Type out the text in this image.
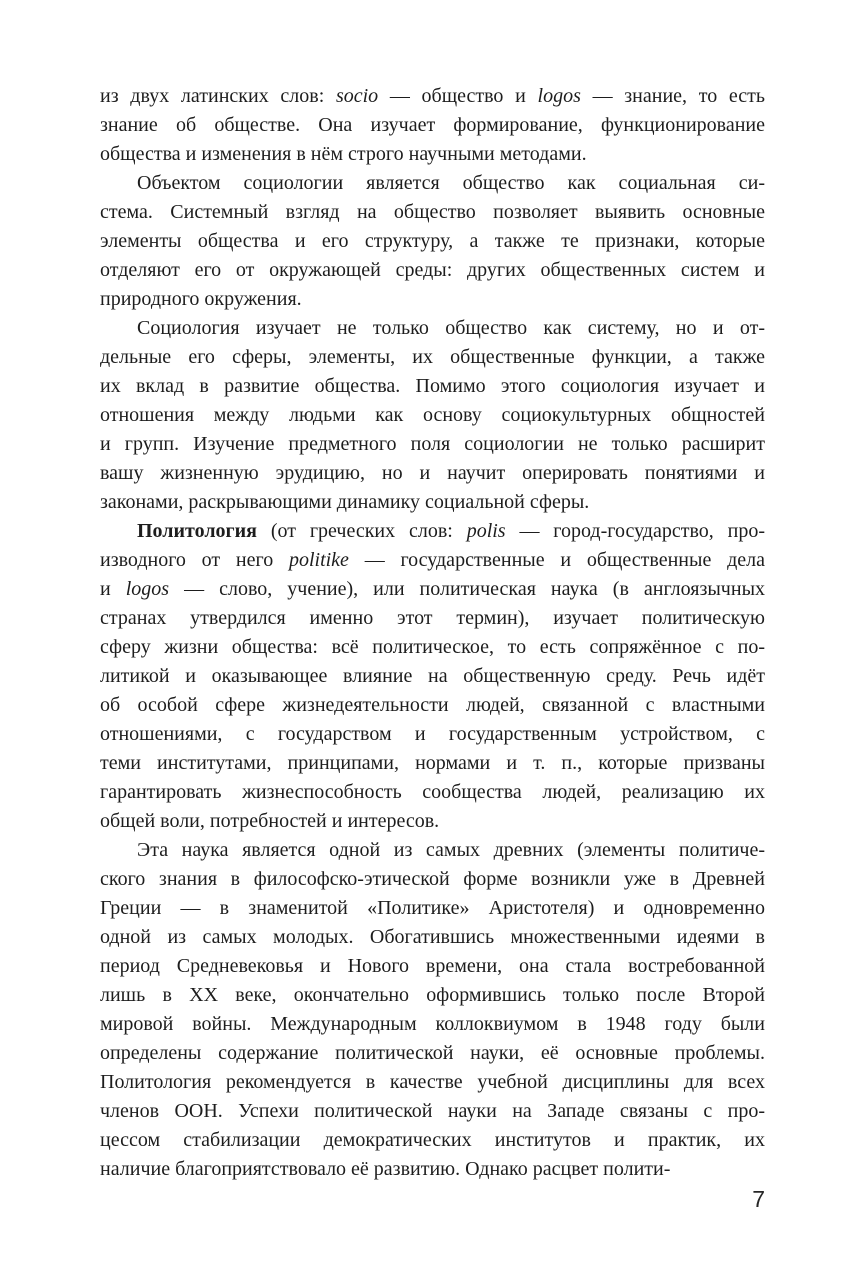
из двух латинских слов: socio — общество и logos — знание, то есть
знание об обществе. Она изучает формирование, функционирование
общества и изменения в нём строго научными методами.

Объектом социологии является общество как социальная си-
стема. Системный взгляд на общество позволяет выявить основные
элементы общества и его структуру, а также те признаки, которые
отделяют его от окружающей среды: других общественных систем и
природного окружения.

Социология изучает не только общество как систему, но и от-
дельные его сферы, элементы, их общественные функции, а также
их вклад в развитие общества. Помимо этого социология изучает и
отношения между людьми как основу социокультурных общностей
и групп. Изучение предметного поля социологии не только расширит
вашу жизненную эрудицию, но и научит оперировать понятиями и
законами, раскрывающими динамику социальной сферы.

Политология (от греческих слов: polis — город-государство, про-
изводного от него politike — государственные и общественные дела
и logos — слово, учение), или политическая наука (в англоязычных
странах утвердился именно этот термин), изучает политическую
сферу жизни общества: всё политическое, то есть сопряжённое с по-
литикой и оказывающее влияние на общественную среду. Речь идёт
об особой сфере жизнедеятельности людей, связанной с властными
отношениями, с государством и государственным устройством, с
теми институтами, принципами, нормами и т. п., которые призваны
гарантировать жизнеспособность сообщества людей, реализацию их
общей воли, потребностей и интересов.

Эта наука является одной из самых древних (элементы политиче-
ского знания в философско-этической форме возникли уже в Древней
Греции — в знаменитой «Политике» Аристотеля) и одновременно
одной из самых молодых. Обогатившись множественными идеями в
период Средневековья и Нового времени, она стала востребованной
лишь в XX веке, окончательно оформившись только после Второй
мировой войны. Международным коллоквиумом в 1948 году были
определены содержание политической науки, её основные проблемы.
Политология рекомендуется в качестве учебной дисциплины для всех
членов ООН. Успехи политической науки на Западе связаны с про-
цессом стабилизации демократических институтов и практик, их
наличие благоприятствовало её развитию. Однако расцвет полити-

7
